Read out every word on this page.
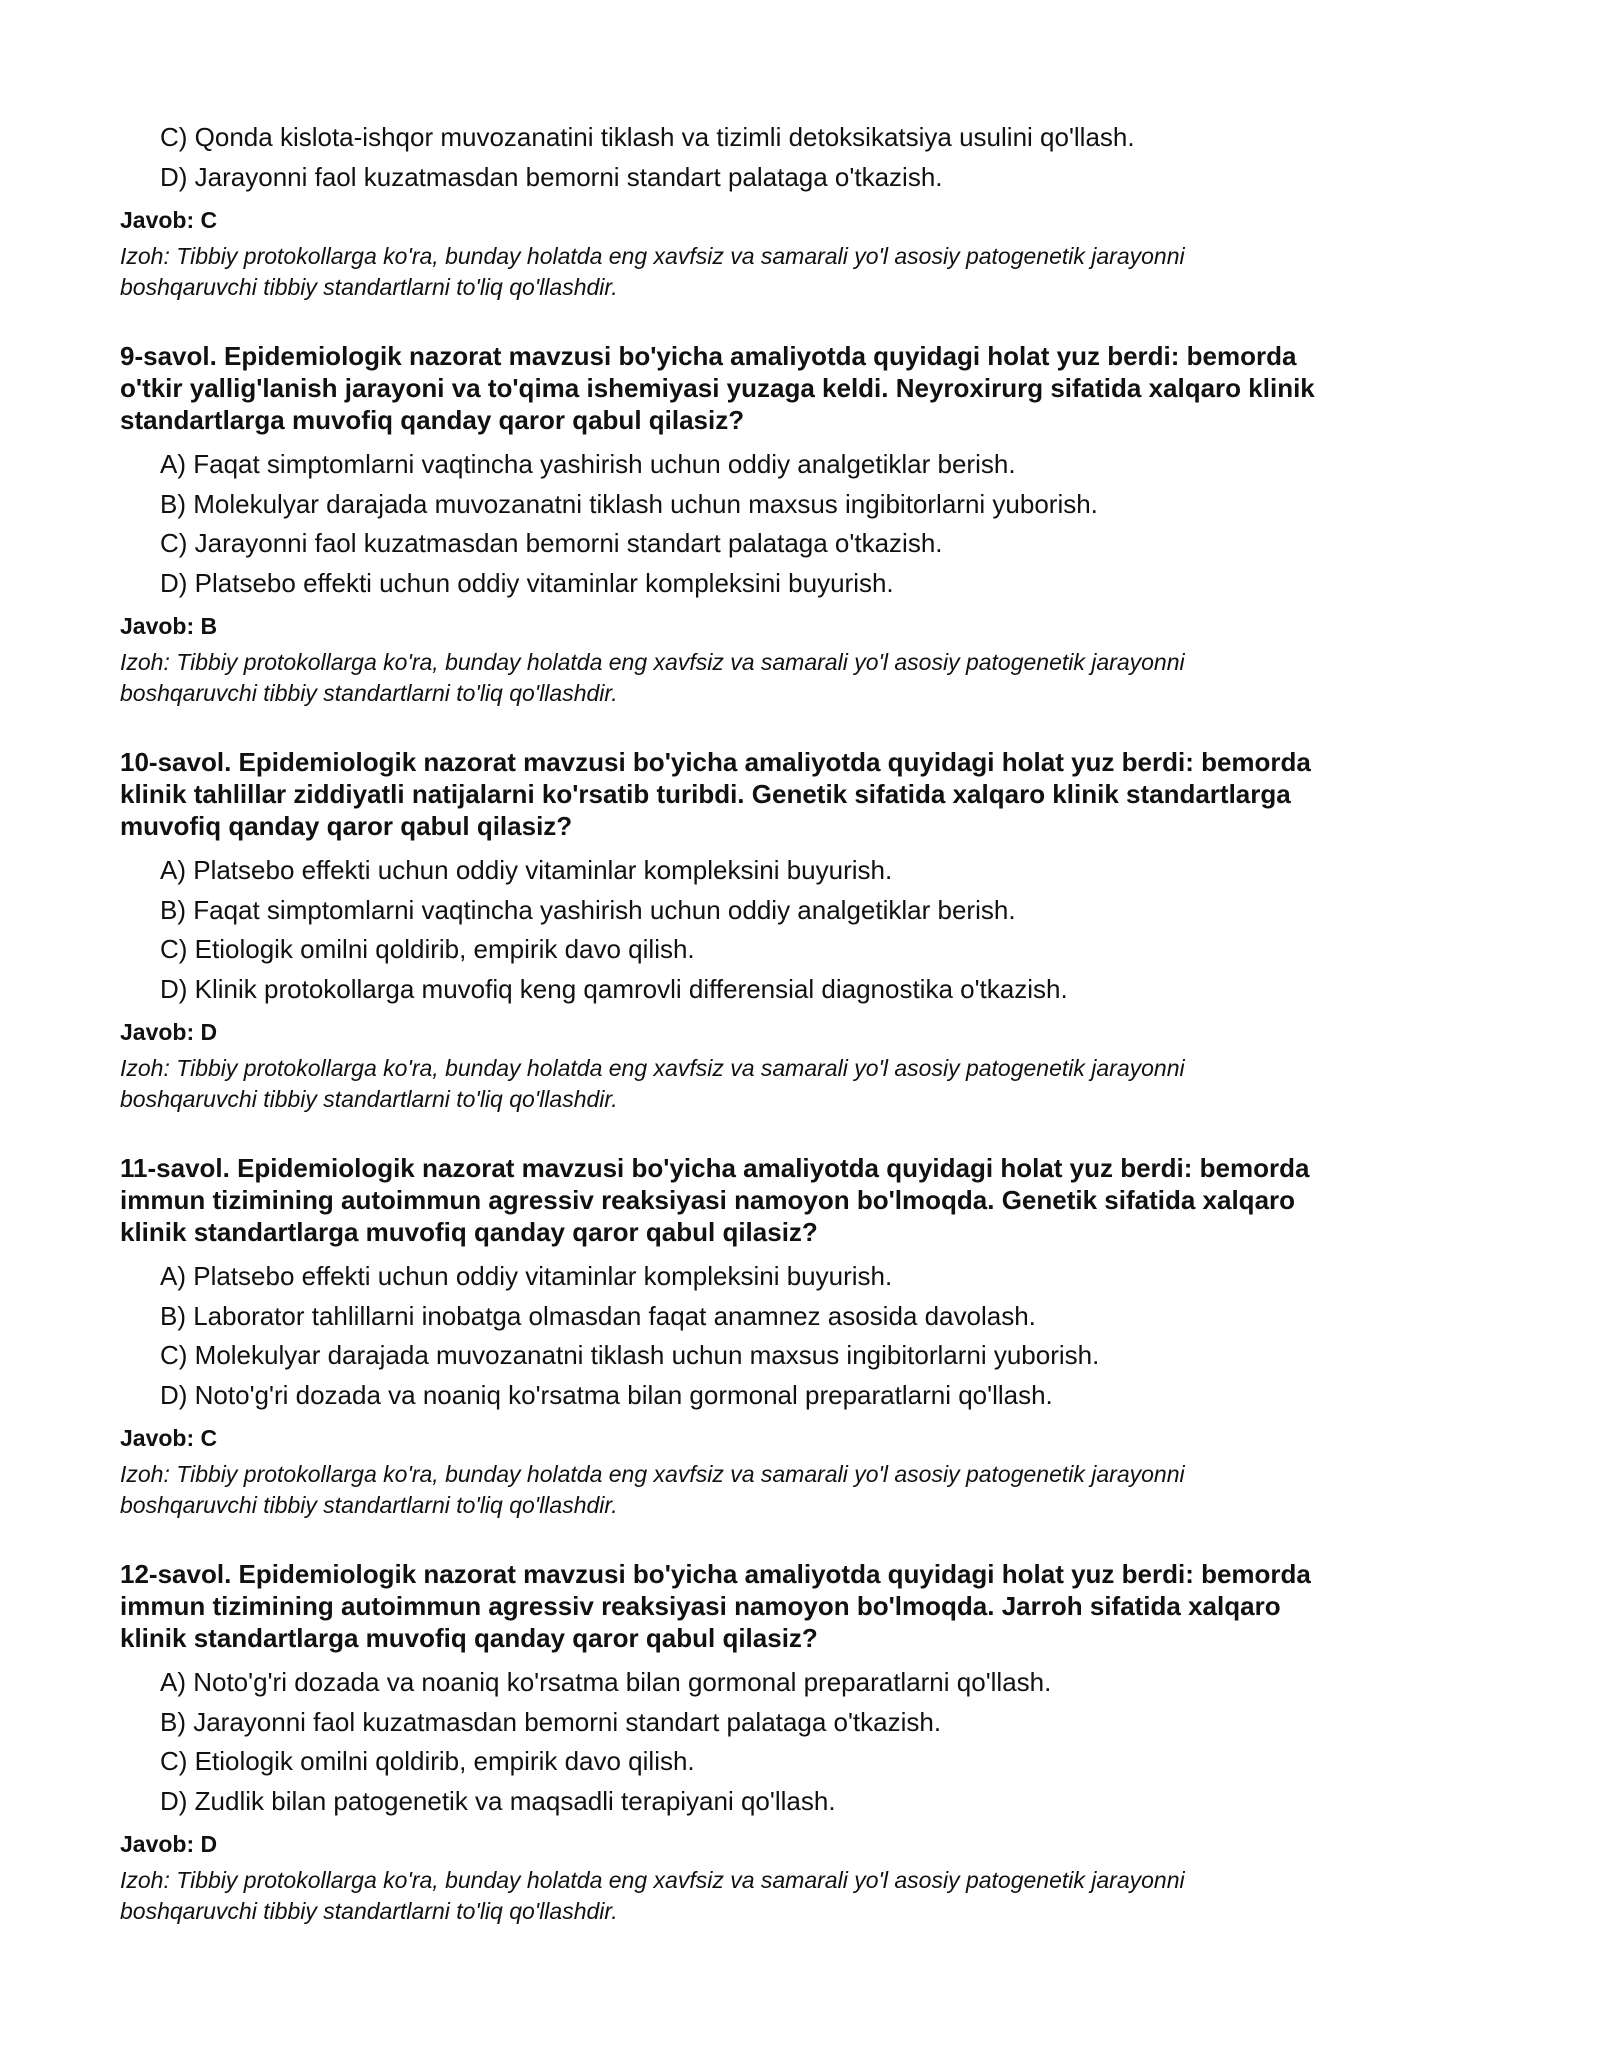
C) Qonda kislota-ishqor muvozanatini tiklash va tizimli detoksikatsiya usulini qo'llash.
D) Jarayonni faol kuzatmasdan bemorni standart palataga o'tkazish.
Javob: C
Izoh: Tibbiy protokollarga ko'ra, bunday holatda eng xavfsiz va samarali yo'l asosiy patogenetik jarayonni
boshqaruvchi tibbiy standartlarni to'liq qo'llashdir.
9-savol. Epidemiologik nazorat mavzusi bo'yicha amaliyotda quyidagi holat yuz berdi: bemorda
o'tkir yallig'lanish jarayoni va to'qima ishemiyasi yuzaga keldi. Neyroxirurg sifatida xalqaro klinik
standartlarga muvofiq qanday qaror qabul qilasiz?
A) Faqat simptomlarni vaqtincha yashirish uchun oddiy analgetiklar berish.
B) Molekulyar darajada muvozanatni tiklash uchun maxsus ingibitorlarni yuborish.
C) Jarayonni faol kuzatmasdan bemorni standart palataga o'tkazish.
D) Platsebo effekti uchun oddiy vitaminlar kompleksini buyurish.
Javob: B
Izoh: Tibbiy protokollarga ko'ra, bunday holatda eng xavfsiz va samarali yo'l asosiy patogenetik jarayonni
boshqaruvchi tibbiy standartlarni to'liq qo'llashdir.
10-savol. Epidemiologik nazorat mavzusi bo'yicha amaliyotda quyidagi holat yuz berdi: bemorda
klinik tahlillar ziddiyatli natijalarni ko'rsatib turibdi. Genetik sifatida xalqaro klinik standartlarga
muvofiq qanday qaror qabul qilasiz?
A) Platsebo effekti uchun oddiy vitaminlar kompleksini buyurish.
B) Faqat simptomlarni vaqtincha yashirish uchun oddiy analgetiklar berish.
C) Etiologik omilni qoldirib, empirik davo qilish.
D) Klinik protokollarga muvofiq keng qamrovli differensial diagnostika o'tkazish.
Javob: D
Izoh: Tibbiy protokollarga ko'ra, bunday holatda eng xavfsiz va samarali yo'l asosiy patogenetik jarayonni
boshqaruvchi tibbiy standartlarni to'liq qo'llashdir.
11-savol. Epidemiologik nazorat mavzusi bo'yicha amaliyotda quyidagi holat yuz berdi: bemorda
immun tizimining autoimmun agressiv reaksiyasi namoyon bo'lmoqda. Genetik sifatida xalqaro
klinik standartlarga muvofiq qanday qaror qabul qilasiz?
A) Platsebo effekti uchun oddiy vitaminlar kompleksini buyurish.
B) Laborator tahlillarni inobatga olmasdan faqat anamnez asosida davolash.
C) Molekulyar darajada muvozanatni tiklash uchun maxsus ingibitorlarni yuborish.
D) Noto'g'ri dozada va noaniq ko'rsatma bilan gormonal preparatlarni qo'llash.
Javob: C
Izoh: Tibbiy protokollarga ko'ra, bunday holatda eng xavfsiz va samarali yo'l asosiy patogenetik jarayonni
boshqaruvchi tibbiy standartlarni to'liq qo'llashdir.
12-savol. Epidemiologik nazorat mavzusi bo'yicha amaliyotda quyidagi holat yuz berdi: bemorda
immun tizimining autoimmun agressiv reaksiyasi namoyon bo'lmoqda. Jarroh sifatida xalqaro
klinik standartlarga muvofiq qanday qaror qabul qilasiz?
A) Noto'g'ri dozada va noaniq ko'rsatma bilan gormonal preparatlarni qo'llash.
B) Jarayonni faol kuzatmasdan bemorni standart palataga o'tkazish.
C) Etiologik omilni qoldirib, empirik davo qilish.
D) Zudlik bilan patogenetik va maqsadli terapiyani qo'llash.
Javob: D
Izoh: Tibbiy protokollarga ko'ra, bunday holatda eng xavfsiz va samarali yo'l asosiy patogenetik jarayonni
boshqaruvchi tibbiy standartlarni to'liq qo'llashdir.
